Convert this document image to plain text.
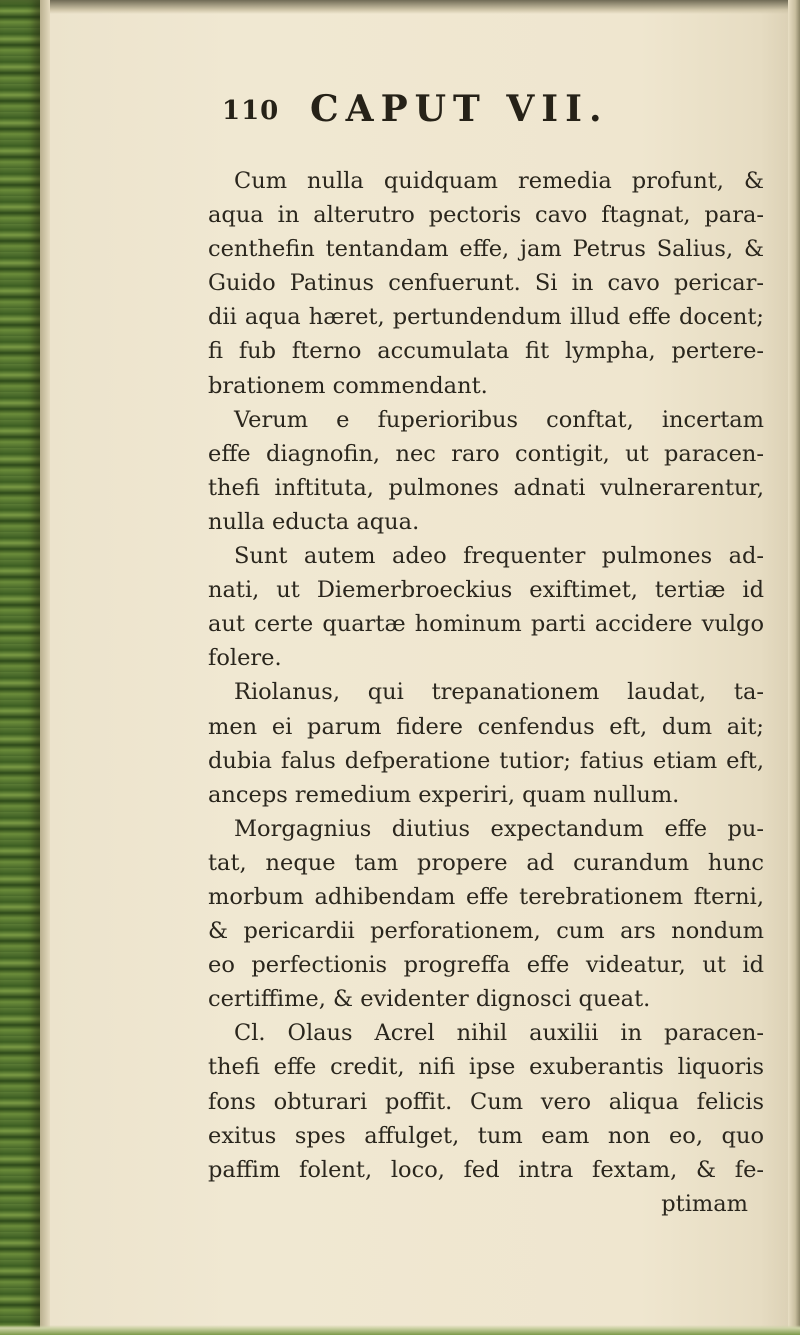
110 CAPUT VII.
Cum nulla quidquam remedia profunt, &
aqua in alterutro pectoris cavo ftagnat, para-
centhefin tentandam effe, jam Petrus Salius, &
Guido Patinus cenfuerunt. Si in cavo pericar-
dii aqua hæret, pertundendum illud effe docent;
fi fub fterno accumulata fit lympha, pertere-
brationem commendant.
Verum e fuperioribus conftat, incertam
effe diagnofin, nec raro contigit, ut paracen-
thefi inftituta, pulmones adnati vulnerarentur,
nulla educta aqua.
Sunt autem adeo frequenter pulmones ad-
nati, ut Diemerbroeckius exiftimet, tertiæ id
aut certe quartæ hominum parti accidere vulgo
folere.
Riolanus, qui trepanationem laudat, ta-
men ei parum fidere cenfendus eft, dum ait;
dubia falus defperatione tutior; fatius etiam eft,
anceps remedium experiri, quam nullum.
Morgagnius diutius expectandum effe pu-
tat, neque tam propere ad curandum hunc
morbum adhibendam effe terebrationem fterni,
& pericardii perforationem, cum ars nondum
eo perfectionis progreffa effe videatur, ut id
certiffime, & evidenter dignosci queat.
Cl. Olaus Acrel nihil auxilii in paracen-
thefi effe credit, nifi ipse exuberantis liquoris
fons obturari poffit. Cum vero aliqua felicis
exitus spes affulget, tum eam non eo, quo
paffim folent, loco, fed intra fextam, & fe-
ptimam
